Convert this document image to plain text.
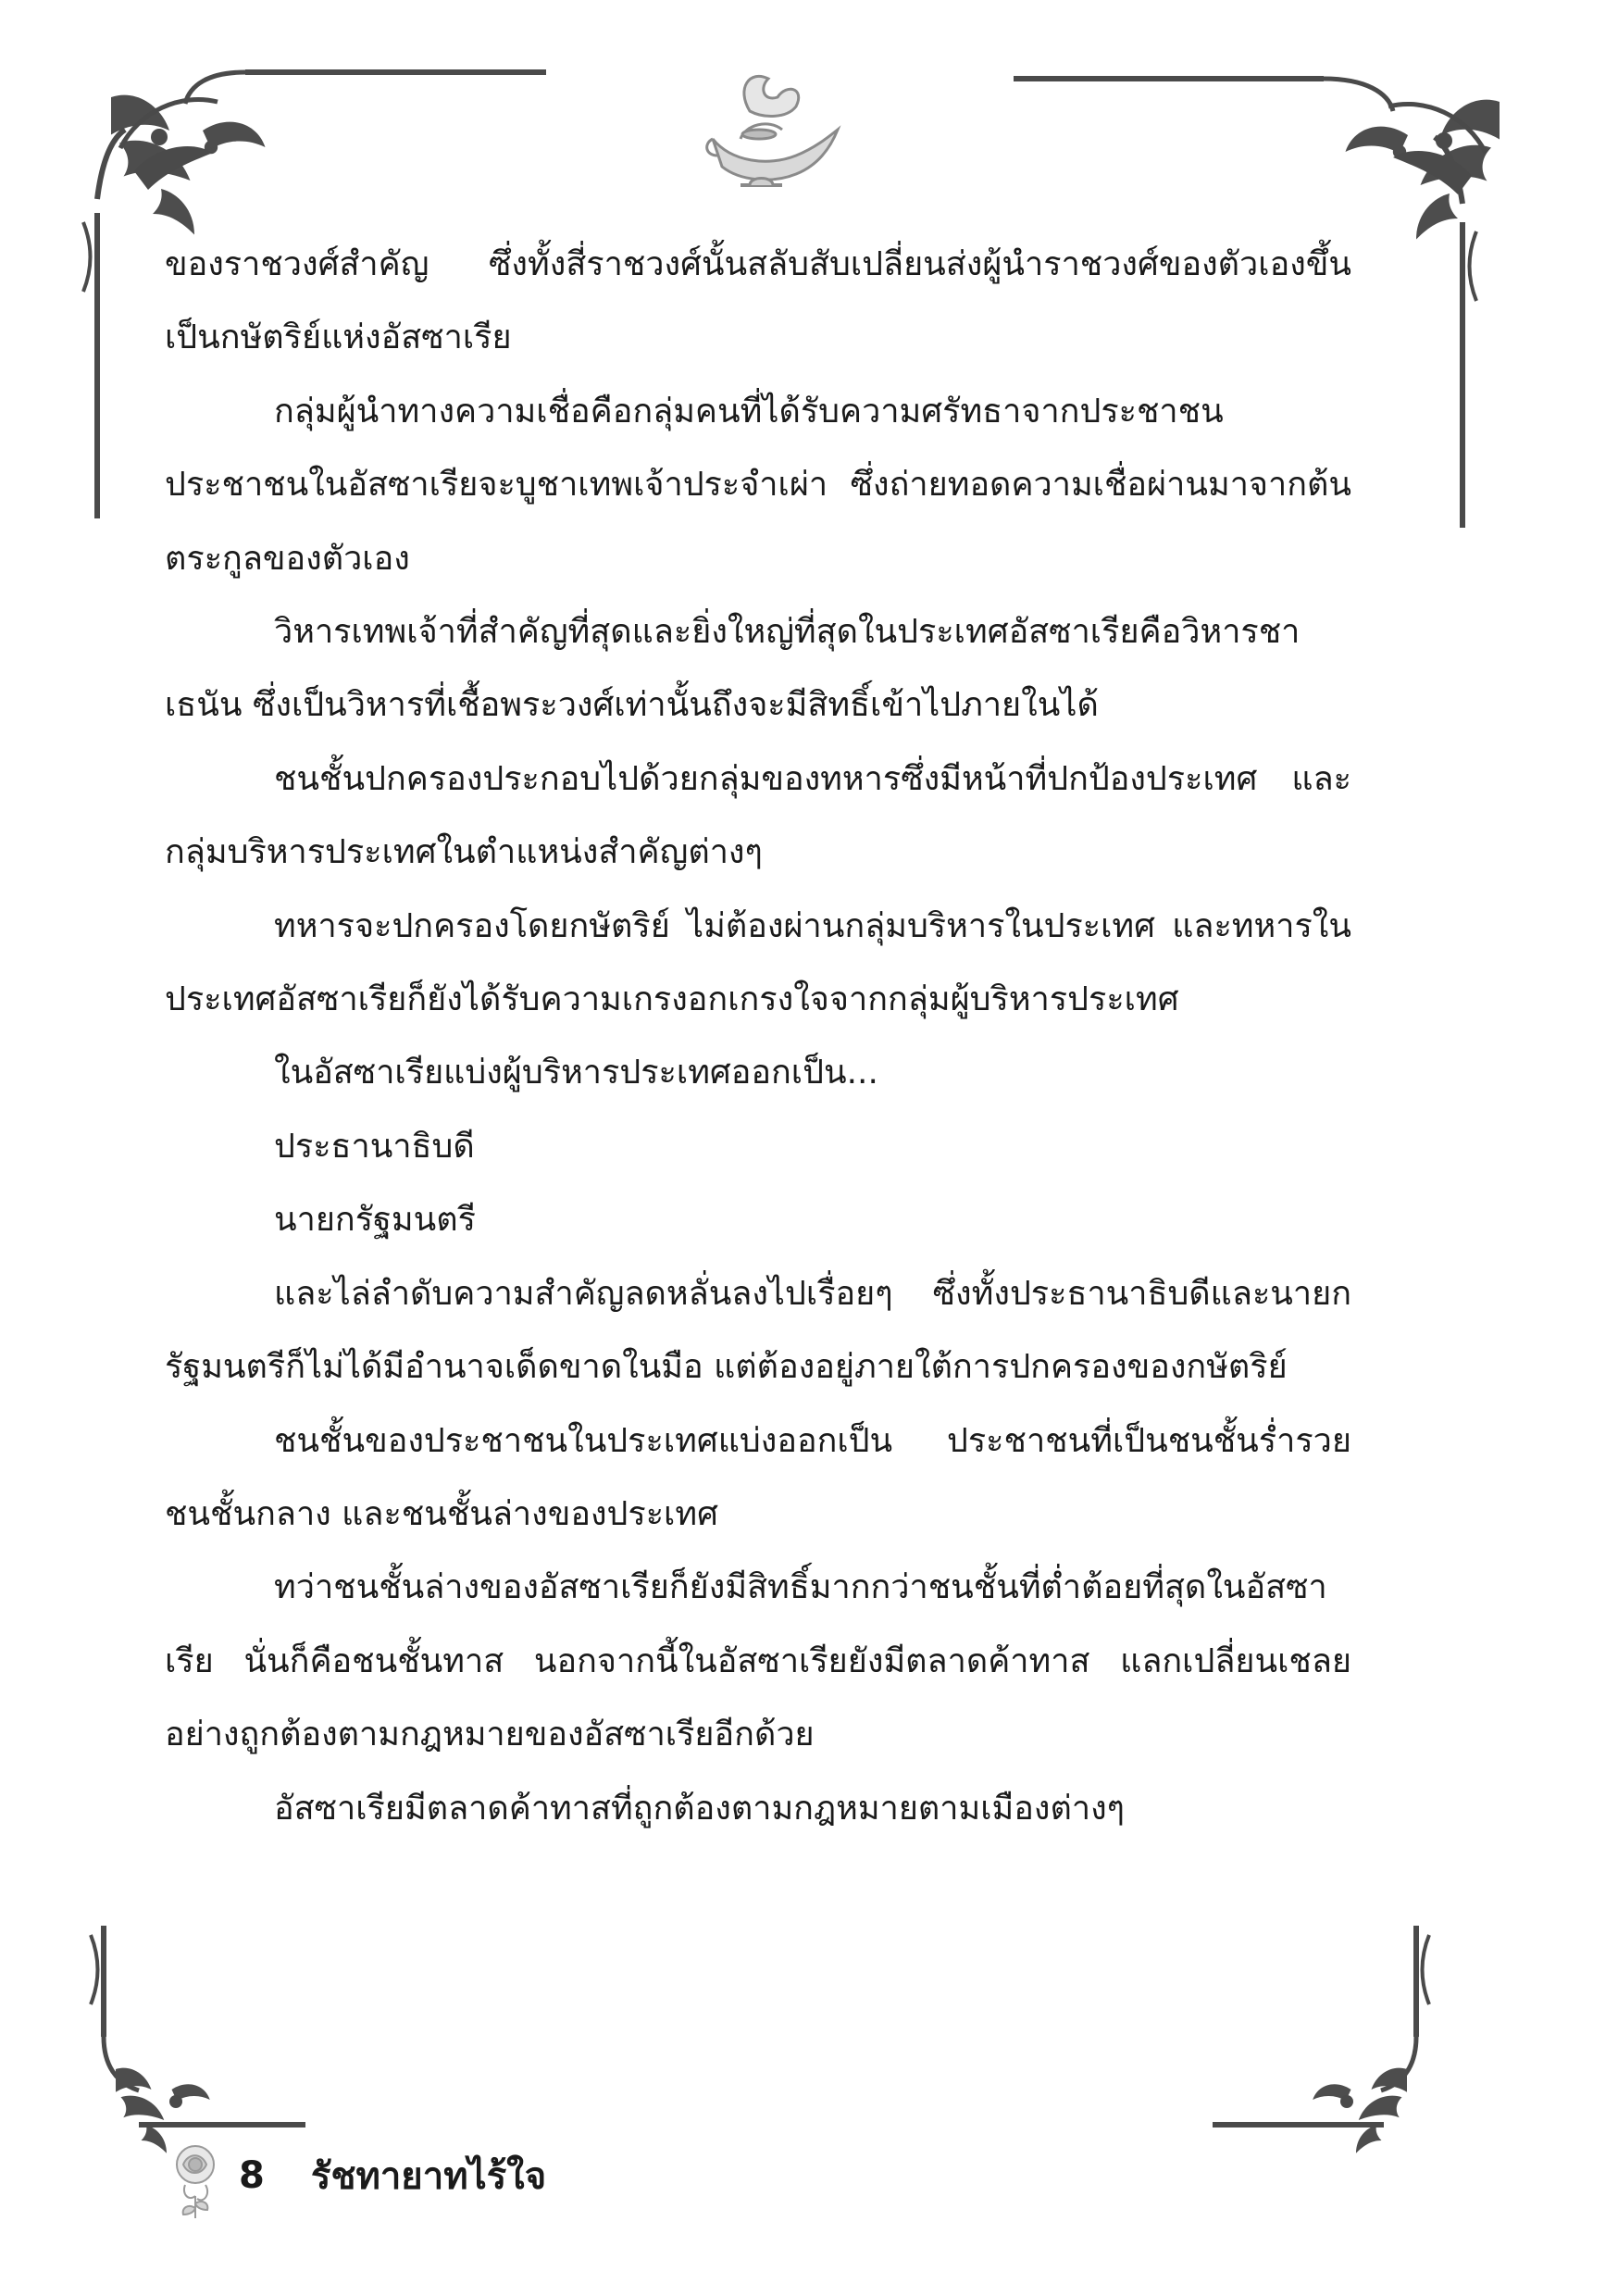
ของราชวงศ์สำคัญ ซึ่งทั้งสี่ราชวงศ์นั้นสลับสับเปลี่ยนส่งผู้นำราชวงศ์ของตัวเองขึ้นเป็นกษัตริย์แห่งอัสซาเรีย

กลุ่มผู้นำทางความเชื่อคือกลุ่มคนที่ได้รับความศรัทธาจากประชาชน ประชาชนในอัสซาเรียจะบูชาเทพเจ้าประจำเผ่า ซึ่งถ่ายทอดความเชื่อผ่านมาจากต้นตระกูลของตัวเอง

วิหารเทพเจ้าที่สำคัญที่สุดและยิ่งใหญ่ที่สุดในประเทศอัสซาเรียคือวิหารชาเธนัน ซึ่งเป็นวิหารที่เชื้อพระวงศ์เท่านั้นถึงจะมีสิทธิ์เข้าไปภายในได้

ชนชั้นปกครองประกอบไปด้วยกลุ่มของทหารซึ่งมีหน้าที่ปกป้องประเทศ และกลุ่มบริหารประเทศในตำแหน่งสำคัญต่างๆ

ทหารจะปกครองโดยกษัตริย์ ไม่ต้องผ่านกลุ่มบริหารในประเทศ และทหารในประเทศอัสซาเรียก็ยังได้รับความเกรงอกเกรงใจจากกลุ่มผู้บริหารประเทศ

ในอัสซาเรียแบ่งผู้บริหารประเทศออกเป็น...

ประธานาธิบดี

นายกรัฐมนตรี

และไล่ลำดับความสำคัญลดหลั่นลงไปเรื่อยๆ ซึ่งทั้งประธานาธิบดีและนายกรัฐมนตรีก็ไม่ได้มีอำนาจเด็ดขาดในมือ แต่ต้องอยู่ภายใต้การปกครองของกษัตริย์

ชนชั้นของประชาชนในประเทศแบ่งออกเป็น ประชาชนที่เป็นชนชั้นร่ำรวย ชนชั้นกลาง และชนชั้นล่างของประเทศ

ทว่าชนชั้นล่างของอัสซาเรียก็ยังมีสิทธิ์มากกว่าชนชั้นที่ต่ำต้อยที่สุดในอัสซาเรีย นั่นก็คือชนชั้นทาส นอกจากนี้ในอัสซาเรียยังมีตลาดค้าทาส แลกเปลี่ยนเชลย อย่างถูกต้องตามกฎหมายของอัสซาเรียอีกด้วย

อัสซาเรียมีตลาดค้าทาสที่ถูกต้องตามกฎหมายตามเมืองต่างๆ

8 รัชทายาทไร้ใจ
